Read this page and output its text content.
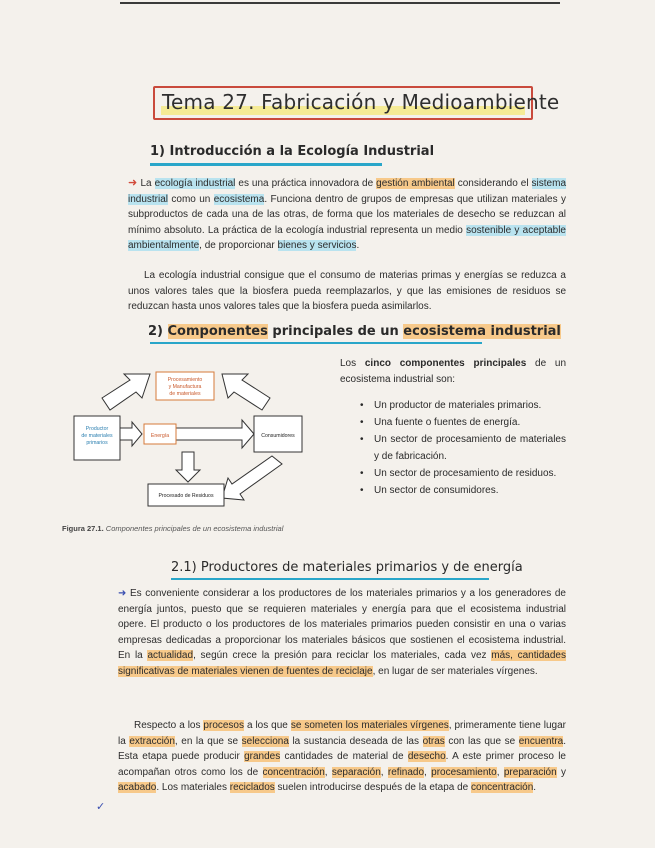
Tema 27. Fabricación y Medioambiente
1) Introducción a la Ecología Industrial
➜ La ecología industrial es una práctica innovadora de gestión ambiental considerando el sistema industrial como un ecosistema. Funciona dentro de grupos de empresas que utilizan materiales y subproductos de cada una de las otras, de forma que los materiales de desecho se reduzcan al mínimo absoluto. La práctica de la ecología industrial representa un medio sostenible y aceptable ambientalmente, de proporcionar bienes y servicios.
La ecología industrial consigue que el consumo de materias primas y energías se reduzca a unos valores tales que la biosfera pueda reemplazarlos, y que las emisiones de residuos se reduzcan hasta unos valores tales que la biosfera pueda asimilarlos.
2) Componentes principales de un ecosistema industrial
Procesamiento
y Manufactura
de materiales
Productor
de materiales
primarios
Energía	Consumidores
Procesado de Residuos
Figura 27.1. Componentes principales de un ecosistema industrial
Los cinco componentes principales de un ecosistema industrial son:
• Un productor de materiales primarios.
• Una fuente o fuentes de energía.
• Un sector de procesamiento de materiales y de fabricación.
• Un sector de procesamiento de residuos.
• Un sector de consumidores.
2.1) Productores de materiales primarios y de energía
➜ Es conveniente considerar a los productores de los materiales primarios y a los generadores de energía juntos, puesto que se requieren materiales y energía para que el ecosistema industrial opere. El producto o los productores de los materiales primarios pueden consistir en una o varias empresas dedicadas a proporcionar los materiales básicos que sostienen el ecosistema industrial. En la actualidad, según crece la presión para reciclar los materiales, cada vez más, cantidades significativas de materiales vienen de fuentes de reciclaje, en lugar de ser materiales vírgenes.
Respecto a los procesos a los que se someten los materiales vírgenes, primeramente tiene lugar la extracción, en la que se selecciona la sustancia deseada de las otras con las que se encuentra. Esta etapa puede producir grandes cantidades de material de desecho. A este primer proceso le acompañan otros como los de concentración, separación, refinado, procesamiento, preparación y acabado. Los materiales reciclados suelen introducirse después de la etapa de concentración.
✓
